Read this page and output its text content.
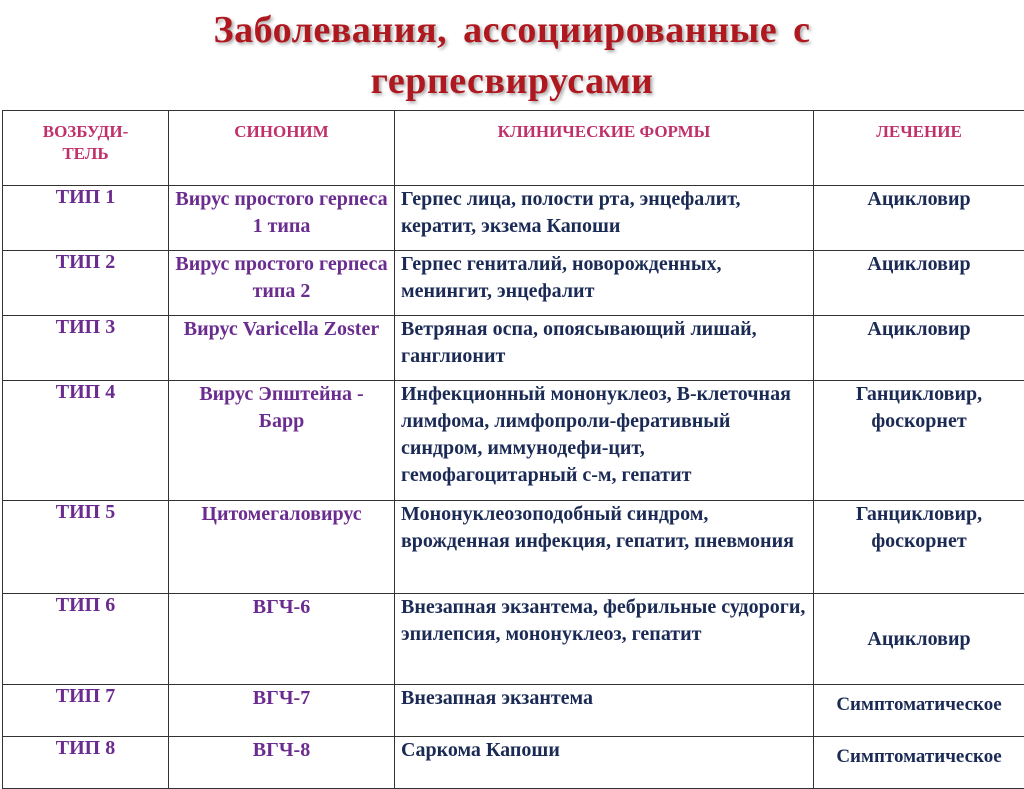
Заболевания, ассоциированные с
герпесвирусами
ВОЗБУДИ-ТЕЛЬ	СИНОНИМ	КЛИНИЧЕСКИЕ ФОРМЫ	ЛЕЧЕНИЕ
ТИП 1	Вирус простого герпеса 1 типа	Герпес лица, полости рта, энцефалит, кератит, экзема Капоши	Ацикловир
ТИП 2	Вирус простого герпеса типа 2	Герпес гениталий, новорожденных, менингит, энцефалит	Ацикловир
ТИП 3	Вирус Varicella Zoster	Ветряная оспа, опоясывающий лишай, ганглионит	Ацикловир
ТИП 4	Вирус Эпштейна - Барр	Инфекционный мононуклеоз, В-клеточная лимфома, лимфопроли-феративный синдром, иммунодефи-цит, гемофагоцитарный с-м, гепатит	Ганцикловир, фоскорнет
ТИП 5	Цитомегаловирус	Мононуклеозоподобный синдром, врожденная инфекция, гепатит, пневмония	Ганцикловир, фоскорнет
ТИП 6	ВГЧ-6	Внезапная экзантема, фебрильные судороги, эпилепсия, мононуклеоз, гепатит	Ацикловир
ТИП 7	ВГЧ-7	Внезапная экзантема	Симптоматическое
ТИП 8	ВГЧ-8	Саркома Капоши	Симптоматическое
